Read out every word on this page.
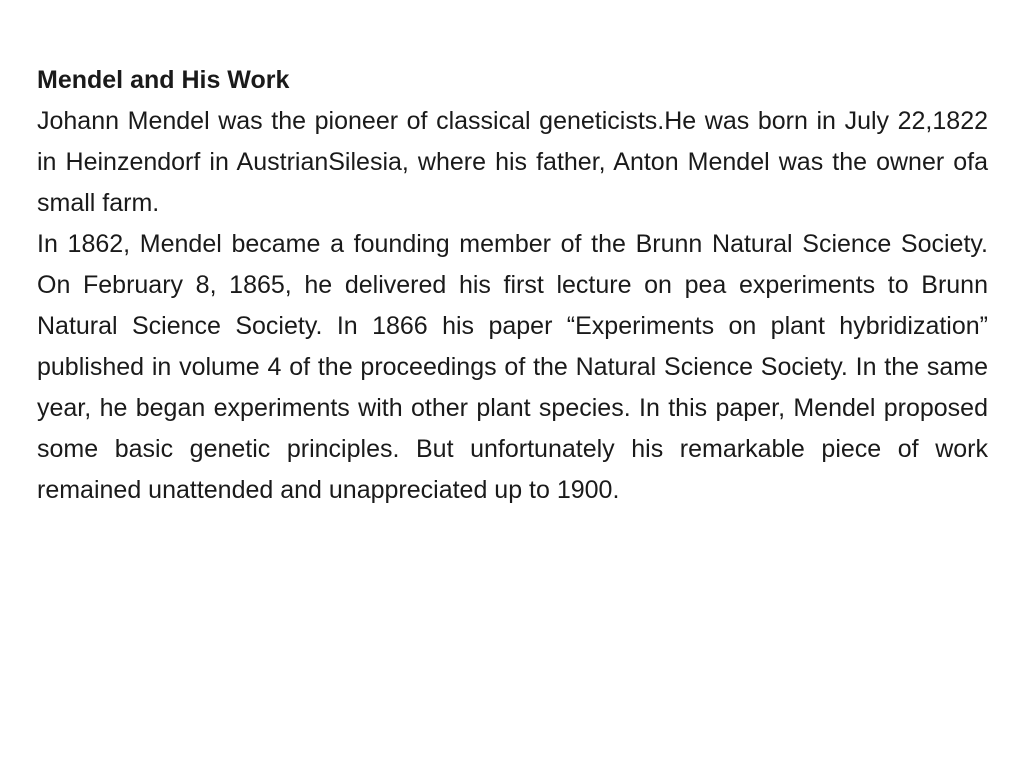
Mendel and His Work

Johann Mendel was the pioneer of classical geneticists.He was born in July 22,1822 in Heinzendorf in AustrianSilesia, where his father, Anton Mendel was the owner ofa small farm.

In 1862, Mendel became a founding member of the Brunn Natural Science Society. On February 8, 1865, he delivered his first lecture on pea experiments to Brunn Natural Science Society. In 1866 his paper “Experiments on plant hybridization” published in volume 4 of the proceedings of the Natural Science Society. In the same year, he began experiments with other plant species. In this paper, Mendel proposed some basic genetic principles. But unfortunately his remarkable piece of work remained unattended and unappreciated up to 1900.
